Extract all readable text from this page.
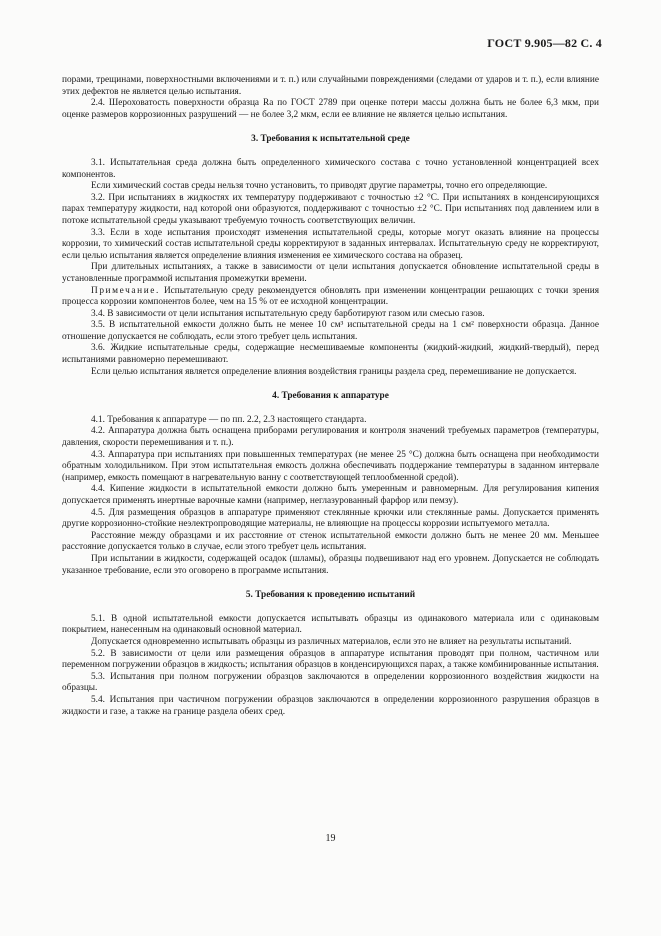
ГОСТ 9.905—82 С. 4

порами, трещинами, поверхностными включениями и т. п.) или случайными повреждениями (следами от ударов и т. п.), если влияние этих дефектов не является целью испытания.

2.4. Шероховатость поверхности образца Ra по ГОСТ 2789 при оценке потери массы должна быть не более 6,3 мкм, при оценке размеров коррозионных разрушений — не более 3,2 мкм, если ее влияние не является целью испытания.

3. Требования к испытательной среде

3.1. Испытательная среда должна быть определенного химического состава с точно установленной концентрацией всех компонентов.

Если химический состав среды нельзя точно установить, то приводят другие параметры, точно его определяющие.

3.2. При испытаниях в жидкостях их температуру поддерживают с точностью ±2 °С. При испытаниях в конденсирующихся парах температуру жидкости, над которой они образуются, поддерживают с точностью ±2 °С. При испытаниях под давлением или в потоке испытательной среды указывают требуемую точность соответствующих величин.

3.3. Если в ходе испытания происходят изменения испытательной среды, которые могут оказать влияние на процессы коррозии, то химический состав испытательной среды корректируют в заданных интервалах. Испытательную среду не корректируют, если целью испытания является определение влияния изменения ее химического состава на образец.

При длительных испытаниях, а также в зависимости от цели испытания допускается обновление испытательной среды в установленные программой испытания промежутки времени.

Примечание. Испытательную среду рекомендуется обновлять при изменении концентрации решающих с точки зрения процесса коррозии компонентов более, чем на 15 % от ее исходной концентрации.

3.4. В зависимости от цели испытания испытательную среду барботируют газом или смесью газов.

3.5. В испытательной емкости должно быть не менее 10 см³ испытательной среды на 1 см² поверхности образца. Данное отношение допускается не соблюдать, если этого требует цель испытания.

3.6. Жидкие испытательные среды, содержащие несмешиваемые компоненты (жидкий-жидкий, жидкий-твердый), перед испытаниями равномерно перемешивают.

Если целью испытания является определение влияния воздействия границы раздела сред, перемешивание не допускается.

4. Требования к аппаратуре

4.1. Требования к аппаратуре — по пп. 2.2, 2.3 настоящего стандарта.

4.2. Аппаратура должна быть оснащена приборами регулирования и контроля значений требуемых параметров (температуры, давления, скорости перемешивания и т. п.).

4.3. Аппаратура при испытаниях при повышенных температурах (не менее 25 °С) должна быть оснащена при необходимости обратным холодильником. При этом испытательная емкость должна обеспечивать поддержание температуры в заданном интервале (например, емкость помещают в нагревательную ванну с соответствующей теплообменной средой).

4.4. Кипение жидкости в испытательной емкости должно быть умеренным и равномерным. Для регулирования кипения допускается применять инертные варочные камни (например, неглазурованный фарфор или пемзу).

4.5. Для размещения образцов в аппаратуре применяют стеклянные крючки или стеклянные рамы. Допускается применять другие коррозионно-стойкие неэлектропроводящие материалы, не влияющие на процессы коррозии испытуемого металла.

Расстояние между образцами и их расстояние от стенок испытательной емкости должно быть не менее 20 мм. Меньшее расстояние допускается только в случае, если этого требует цель испытания.

При испытании в жидкости, содержащей осадок (шламы), образцы подвешивают над его уровнем. Допускается не соблюдать указанное требование, если это оговорено в программе испытания.

5. Требования к проведению испытаний

5.1. В одной испытательной емкости допускается испытывать образцы из одинакового материала или с одинаковым покрытием, нанесенным на одинаковый основной материал.

Допускается одновременно испытывать образцы из различных материалов, если это не влияет на результаты испытаний.

5.2. В зависимости от цели или размещения образцов в аппаратуре испытания проводят при полном, частичном или переменном погружении образцов в жидкость; испытания образцов в конденсирующихся парах, а также комбинированные испытания.

5.3. Испытания при полном погружении образцов заключаются в определении коррозионного воздействия жидкости на образцы.

5.4. Испытания при частичном погружении образцов заключаются в определении коррозионного разрушения образцов в жидкости и газе, а также на границе раздела обеих сред.

19
